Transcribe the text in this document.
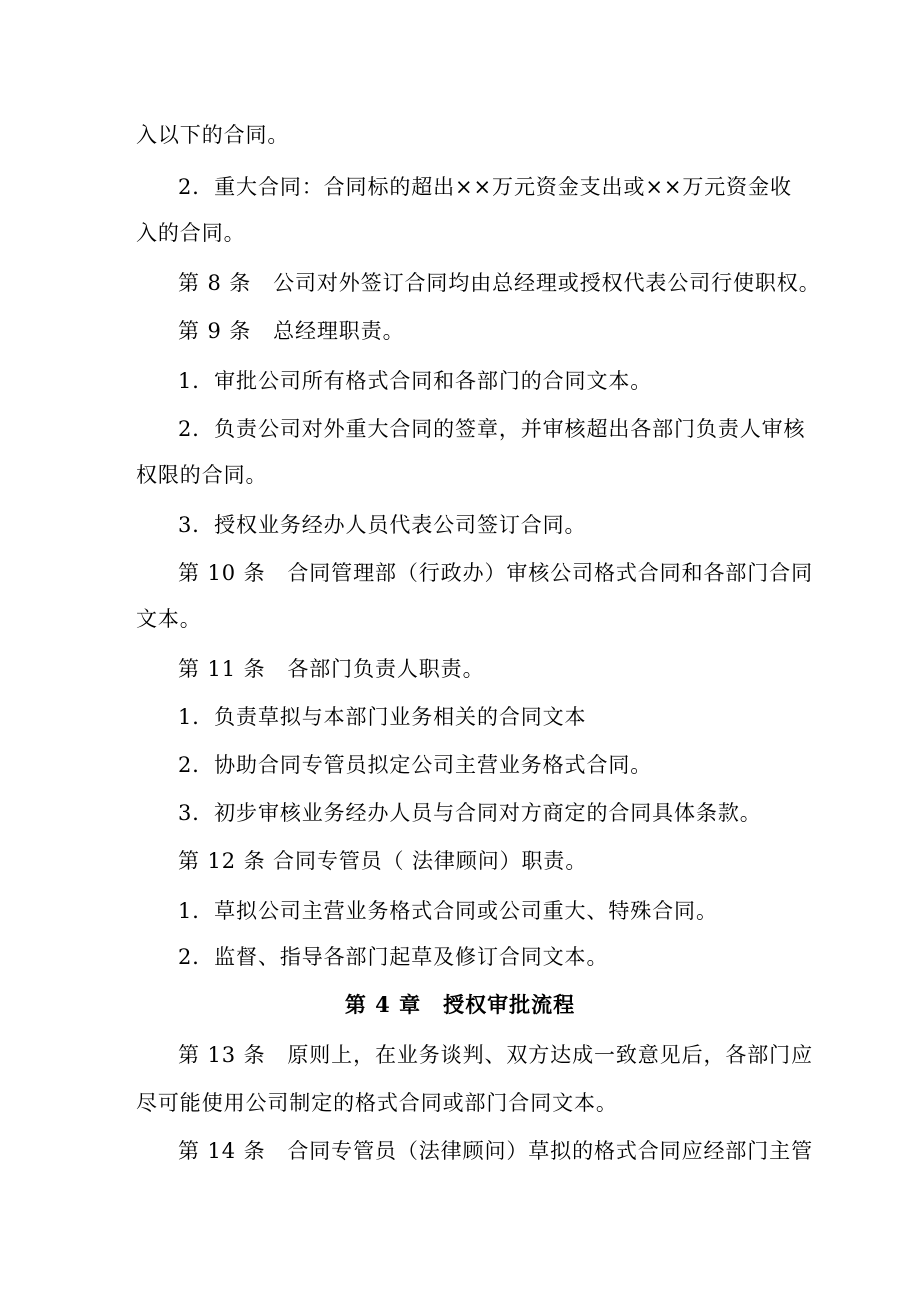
入以下的合同。
2．重大合同：合同标的超出××万元资金支出或××万元资金收
入的合同。
第 8 条　公司对外签订合同均由总经理或授权代表公司行使职权。
第 9 条　总经理职责。
1．审批公司所有格式合同和各部门的合同文本。
2．负责公司对外重大合同的签章，并审核超出各部门负责人审核
权限的合同。
3．授权业务经办人员代表公司签订合同。
第 10 条　合同管理部（行政办）审核公司格式合同和各部门合同
文本。
第 11 条　各部门负责人职责。
1．负责草拟与本部门业务相关的合同文本
2．协助合同专管员拟定公司主营业务格式合同。
3．初步审核业务经办人员与合同对方商定的合同具体条款。
第 12 条 合同专管员（ 法律顾问）职责。
1．草拟公司主营业务格式合同或公司重大、特殊合同。
2．监督、指导各部门起草及修订合同文本。
第 4 章　授权审批流程
第 13 条　原则上，在业务谈判、双方达成一致意见后，各部门应
尽可能使用公司制定的格式合同或部门合同文本。
第 14 条　合同专管员（法律顾问）草拟的格式合同应经部门主管
